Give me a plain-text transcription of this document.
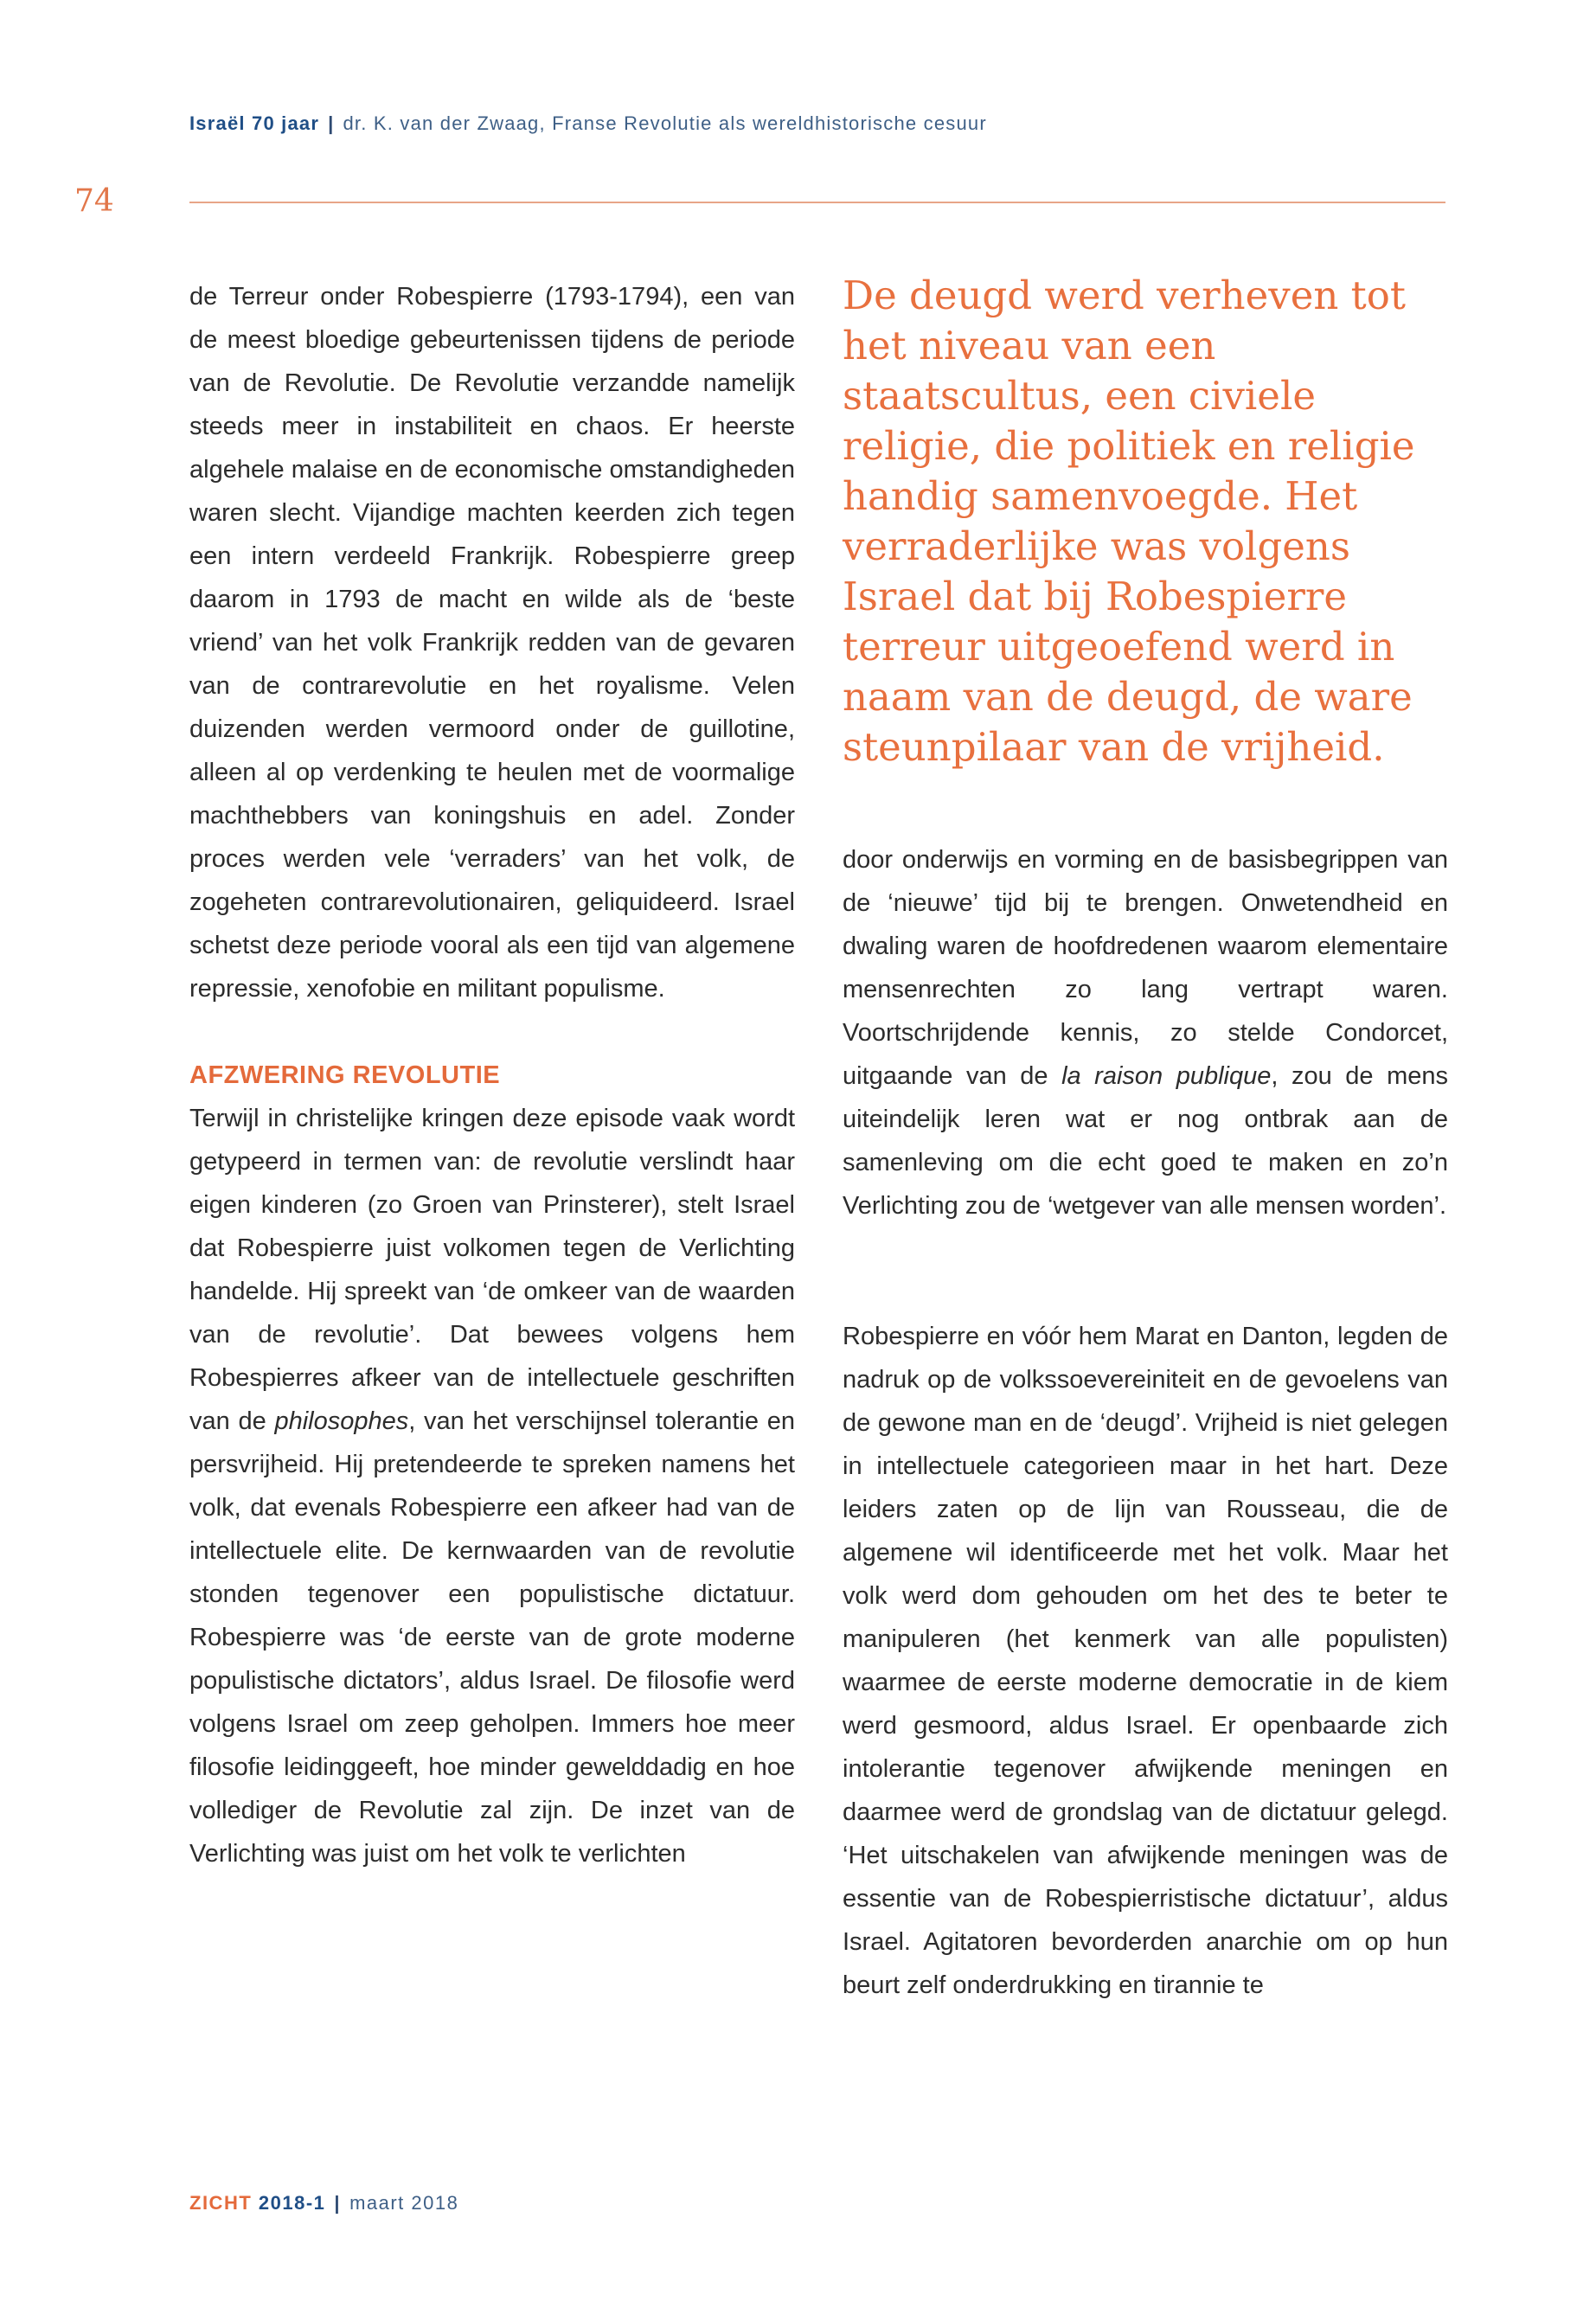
Israël 70 jaar | dr. K. van der Zwaag, Franse Revolutie als wereldhistorische cesuur
74

de Terreur onder Robespierre (1793-1794), een van de meest bloedige gebeurtenissen tijdens de periode van de Revolutie. De Revolutie verzandde namelijk steeds meer in instabiliteit en chaos. Er heerste algehele malaise en de economische omstandigheden waren slecht. Vijandige machten keerden zich tegen een intern verdeeld Frankrijk. Robespierre greep daarom in 1793 de macht en wilde als de ‘beste vriend’ van het volk Frankrijk redden van de gevaren van de contrarevolutie en het royalisme. Velen duizenden werden vermoord onder de guillotine, alleen al op verdenking te heulen met de voormalige machthebbers van koningshuis en adel. Zonder proces werden vele ‘verraders’ van het volk, de zogeheten contrarevolutionairen, geliquideerd. Israel schetst deze periode vooral als een tijd van algemene repressie, xenofobie en militant populisme.

AFZWERING REVOLUTIE

Terwijl in christelijke kringen deze episode vaak wordt getypeerd in termen van: de revolutie verslindt haar eigen kinderen (zo Groen van Prinsterer), stelt Israel dat Robespierre juist volkomen tegen de Verlichting handelde. Hij spreekt van ‘de omkeer van de waarden van de revolutie’. Dat bewees volgens hem Robespierres afkeer van de intellectuele geschriften van de philosophes, van het verschijnsel tolerantie en persvrijheid. Hij pretendeerde te spreken namens het volk, dat evenals Robespierre een afkeer had van de intellectuele elite. De kernwaarden van de revolutie stonden tegenover een populistische dictatuur. Robespierre was ‘de eerste van de grote moderne populistische dictators’, aldus Israel. De filosofie werd volgens Israel om zeep geholpen. Immers hoe meer filosofie leidinggeeft, hoe minder gewelddadig en hoe vollediger de Revolutie zal zijn. De inzet van de Verlichting was juist om het volk te verlichten

De deugd werd verheven tot het niveau van een staatscultus, een civiele religie, die politiek en religie handig samenvoegde. Het verraderlijke was volgens Israel dat bij Robespierre terreur uitgeoefend werd in naam van de deugd, de ware steunpilaar van de vrijheid.

door onderwijs en vorming en de basisbegrippen van de ‘nieuwe’ tijd bij te brengen. Onwetendheid en dwaling waren de hoofdredenen waarom elementaire mensenrechten zo lang vertrapt waren. Voortschrijdende kennis, zo stelde Condorcet, uitgaande van de la raison publique, zou de mens uiteindelijk leren wat er nog ontbrak aan de samenleving om die echt goed te maken en zo’n Verlichting zou de ‘wetgever van alle mensen worden’.

Robespierre en vóór hem Marat en Danton, legden de nadruk op de volkssoevereiniteit en de gevoelens van de gewone man en de ‘deugd’. Vrijheid is niet gelegen in intellectuele categorieen maar in het hart. Deze leiders zaten op de lijn van Rousseau, die de algemene wil identificeerde met het volk. Maar het volk werd dom gehouden om het des te beter te manipuleren (het kenmerk van alle populisten) waarmee de eerste moderne democratie in de kiem werd gesmoord, aldus Israel. Er openbaarde zich intolerantie tegenover afwijkende meningen en daarmee werd de grondslag van de dictatuur gelegd. ‘Het uitschakelen van afwijkende meningen was de essentie van de Robespierristische dictatuur’, aldus Israel. Agitatoren bevorderden anarchie om op hun beurt zelf onderdrukking en tirannie te

ZICHT 2018-1 | maart 2018
